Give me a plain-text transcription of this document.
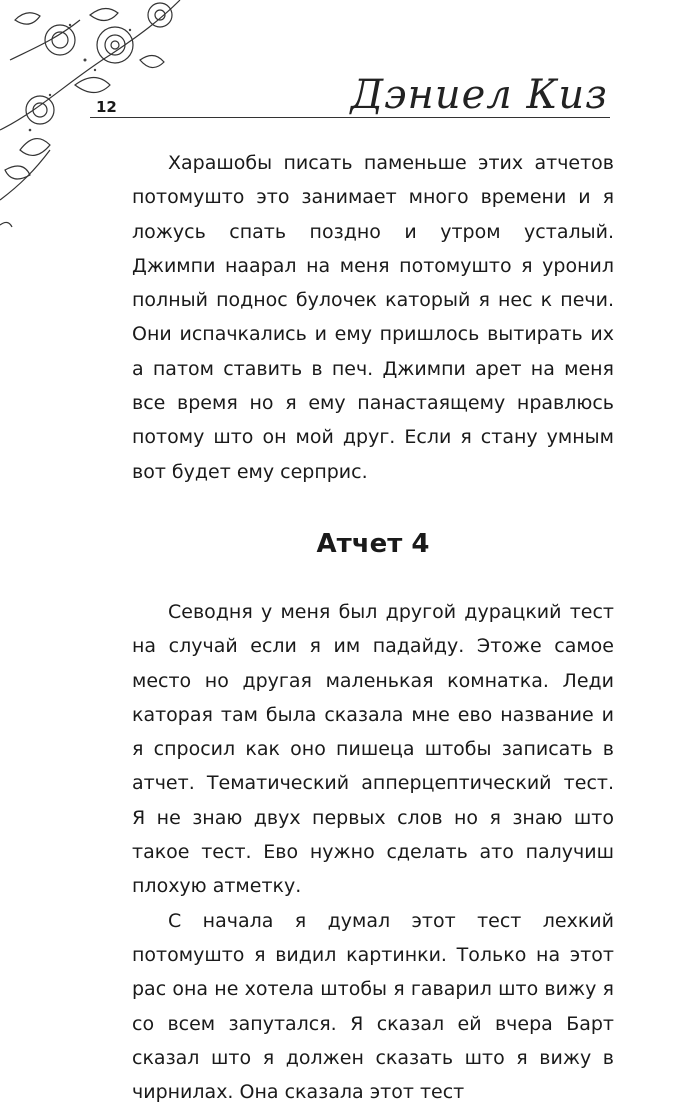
12	Дэниел Киз

Харашобы писать паменьше этих атчетов потомушто это занимает много времени и я ложусь спать поздно и утром усталый. Джимпи наарал на меня потомушто я уронил полный поднос булочек каторый я нес к печи. Они испачкались и ему пришлось вытирать их а патом ставить в печ. Джимпи арет на меня все время но я ему панастаящему нравлюсь потому што он мой друг. Если я стану умным вот будет ему серприс.

Атчет 4

Севодня у меня был другой дурацкий тест на случай если я им падайду. Этоже самое место но другая маленькая комнатка. Леди каторая там была сказала мне ево название и я спросил как оно пишеца штобы записать в атчет. Тематический апперцептический тест. Я не знаю двух первых слов но я знаю што такое тест. Ево нужно сделать ато палучиш плохую атметку.

С начала я думал этот тест лехкий потомушто я видил картинки. Только на этот рас она не хотела штобы я гаварил што вижу я со всем запутался. Я сказал ей вчера Барт сказал што я должен сказать што я вижу в чирнилах. Она сказала этот тест
